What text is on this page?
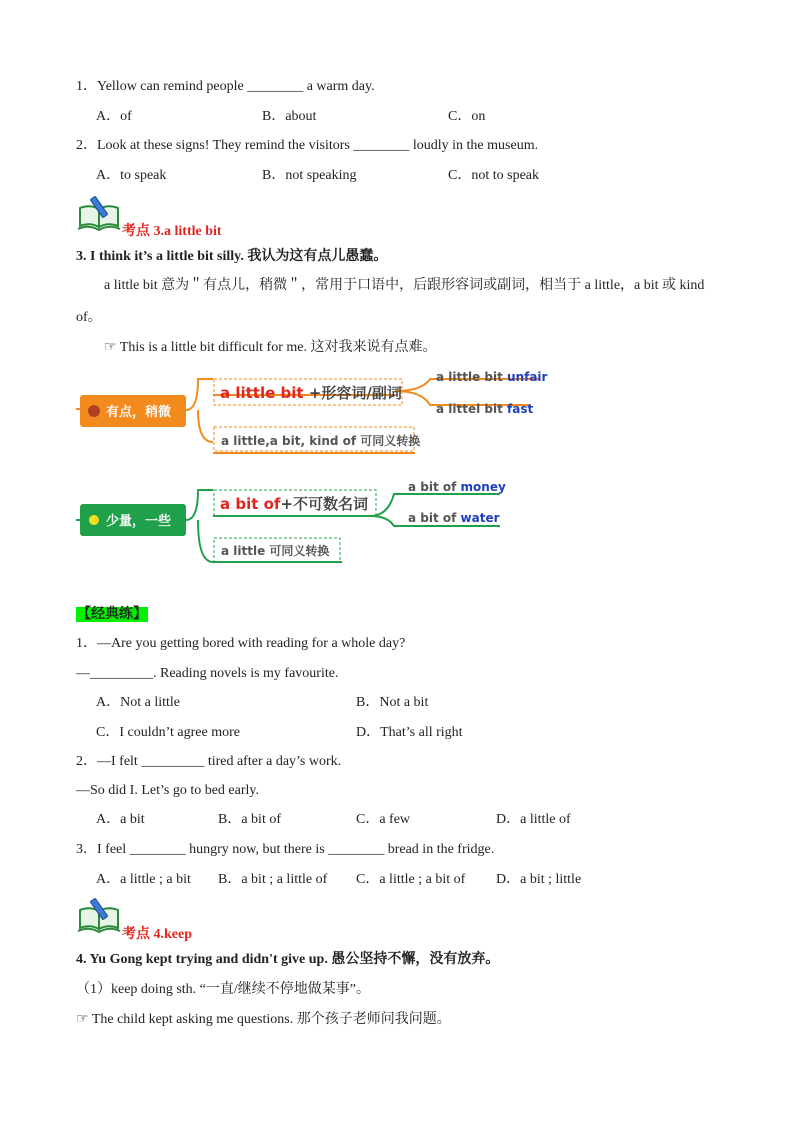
1．Yellow can remind people ________ a warm day.
A．of	B．about	C．on
2．Look at these signs! They remind the visitors ________ loudly in the museum.
A．to speak	B．not speaking	C．not to speak
考点 3.a little bit
3. I think it’s a little bit silly. 我认为这有点儿愚蠢。
a little bit 意为＂有点儿，稍微＂，常用于口语中，后跟形容词或副词，相当于 a little，a bit 或 kind
of。
☞ This is a little bit difficult for me. 这对我来说有点难。
有点，稍微
a little bit +形容词/副词
a little bit unfair
a littel bit fast
a little,a bit, kind of 可同义转换
少量，一些
a bit of+不可数名词
a bit of money
a bit of water
a little 可同义转换
【经典练】
1．—Are you getting bored with reading for a whole day?
—_________. Reading novels is my favourite.
A．Not a little	B．Not a bit
C．I couldn’t agree more	D．That’s all right
2．—I felt _________ tired after a day’s work.
—So did I. Let’s go to bed early.
A．a bit	B．a bit of	C．a few	D．a little of
3．I feel ________ hungry now, but there is ________ bread in the fridge.
A．a little ; a bit B．a bit ; a little of C．a little ; a bit of D．a bit ; little
考点 4.keep
4. Yu Gong kept trying and didn't give up. 愚公坚持不懈，没有放弃。
（1）keep doing sth. “一直/继续不停地做某事”。
☞ The child kept asking me questions. 那个孩子老师问我问题。
